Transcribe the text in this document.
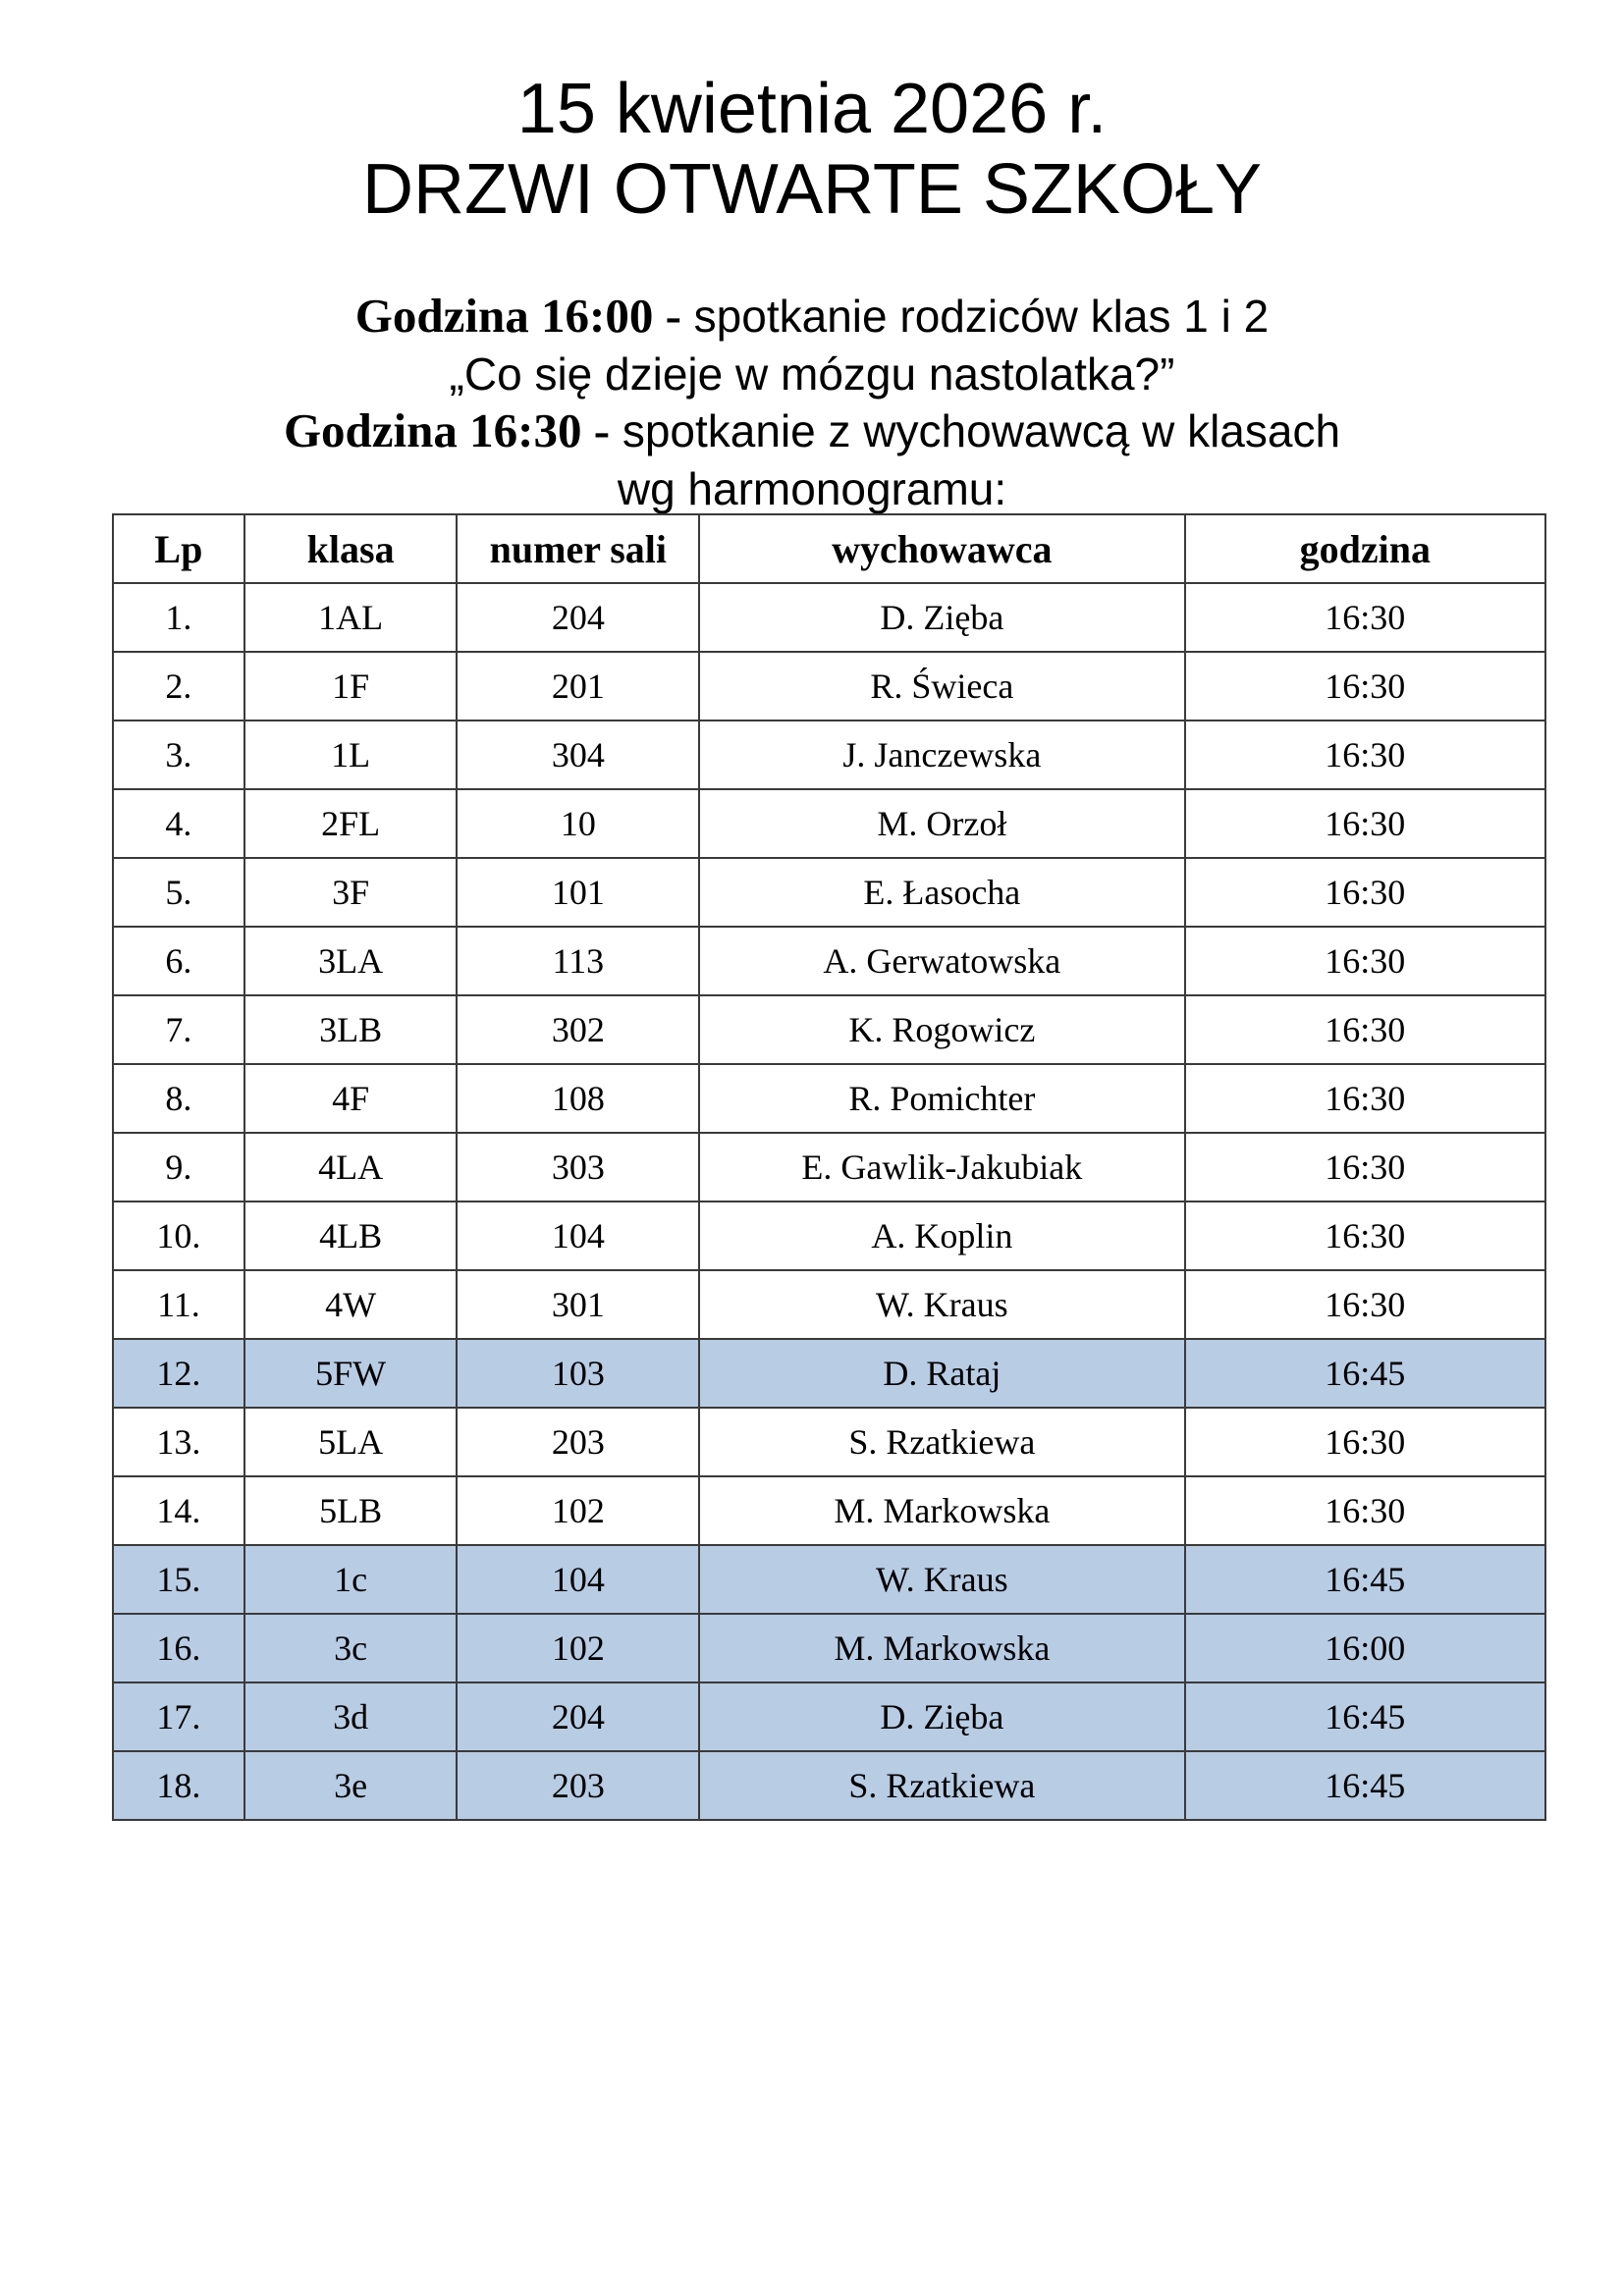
15 kwietnia 2026 r.
DRZWI OTWARTE SZKOŁY
Godzina 16:00 - spotkanie rodziców klas 1 i 2
„Co się dzieje w mózgu nastolatka?”
Godzina 16:30 - spotkanie z wychowawcą w klasach
wg harmonogramu:
Lp	klasa	numer sali	wychowawca	godzina
1.	1AL	204	D. Zięba	16:30
2.	1F	201	R. Świeca	16:30
3.	1L	304	J. Janczewska	16:30
4.	2FL	10	M. Orzoł	16:30
5.	3F	101	E. Łasocha	16:30
6.	3LA	113	A. Gerwatowska	16:30
7.	3LB	302	K. Rogowicz	16:30
8.	4F	108	R. Pomichter	16:30
9.	4LA	303	E. Gawlik-Jakubiak	16:30
10.	4LB	104	A. Koplin	16:30
11.	4W	301	W. Kraus	16:30
12.	5FW	103	D. Rataj	16:45
13.	5LA	203	S. Rzatkiewa	16:30
14.	5LB	102	M. Markowska	16:30
15.	1c	104	W. Kraus	16:45
16.	3c	102	M. Markowska	16:00
17.	3d	204	D. Zięba	16:45
18.	3e	203	S. Rzatkiewa	16:45
